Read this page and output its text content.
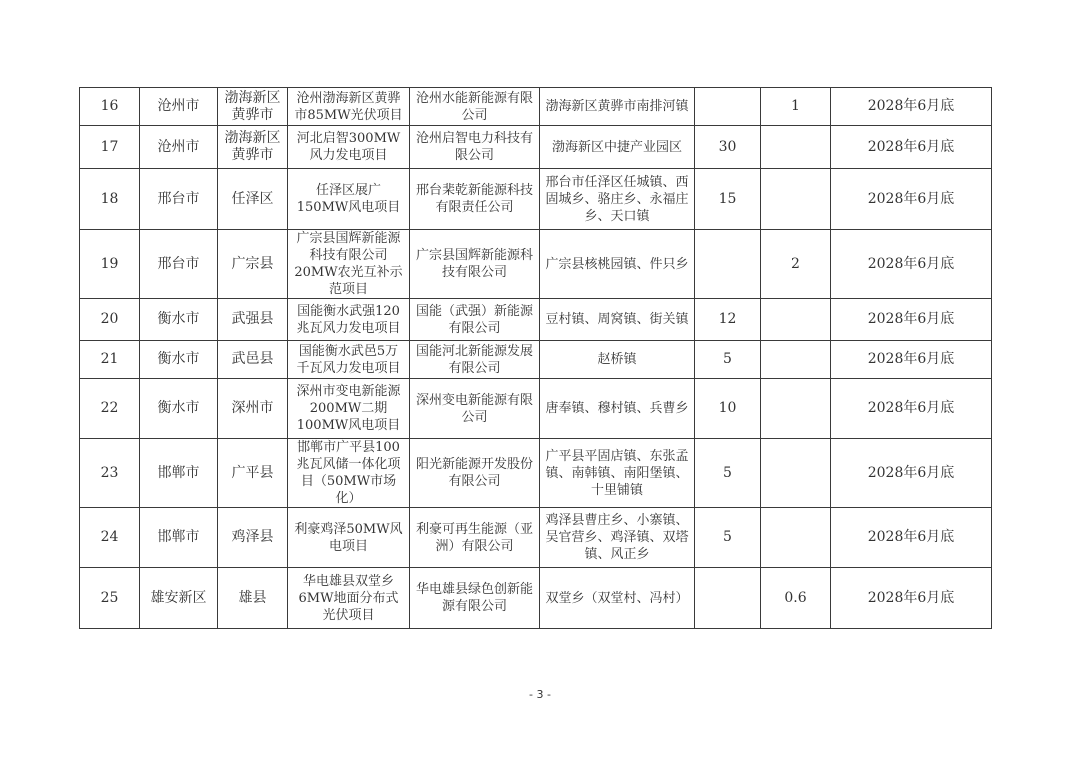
16	沧州市	渤海新区黄骅市	沧州渤海新区黄骅市85MW光伏项目	沧州水能新能源有限公司	渤海新区黄骅市南排河镇		1	2028年6月底
17	沧州市	渤海新区黄骅市	河北启智300MW风力发电项目	沧州启智电力科技有限公司	渤海新区中捷产业园区	30		2028年6月底
18	邢台市	任泽区	任泽区展广150MW风电项目	邢台棐乾新能源科技有限责任公司	邢台市任泽区任城镇、西固城乡、骆庄乡、永福庄乡、天口镇	15		2028年6月底
19	邢台市	广宗县	广宗县国辉新能源科技有限公司20MW农光互补示范项目	广宗县国辉新能源科技有限公司	广宗县核桃园镇、件只乡		2	2028年6月底
20	衡水市	武强县	国能衡水武强120兆瓦风力发电项目	国能（武强）新能源有限公司	豆村镇、周窝镇、街关镇	12		2028年6月底
21	衡水市	武邑县	国能衡水武邑5万千瓦风力发电项目	国能河北新能源发展有限公司	赵桥镇	5		2028年6月底
22	衡水市	深州市	深州市变电新能源200MW二期100MW风电项目	深州变电新能源有限公司	唐奉镇、穆村镇、兵曹乡	10		2028年6月底
23	邯郸市	广平县	邯郸市广平县100兆瓦风储一体化项目（50MW市场化）	阳光新能源开发股份有限公司	广平县平固店镇、东张孟镇、南韩镇、南阳堡镇、十里铺镇	5		2028年6月底
24	邯郸市	鸡泽县	利豪鸡泽50MW风电项目	利豪可再生能源（亚洲）有限公司	鸡泽县曹庄乡、小寨镇、吴官营乡、鸡泽镇、双塔镇、风正乡	5		2028年6月底
25	雄安新区	雄县	华电雄县双堂乡6MW地面分布式光伏项目	华电雄县绿色创新能源有限公司	双堂乡（双堂村、冯村）		0.6	2028年6月底
- 3 -
